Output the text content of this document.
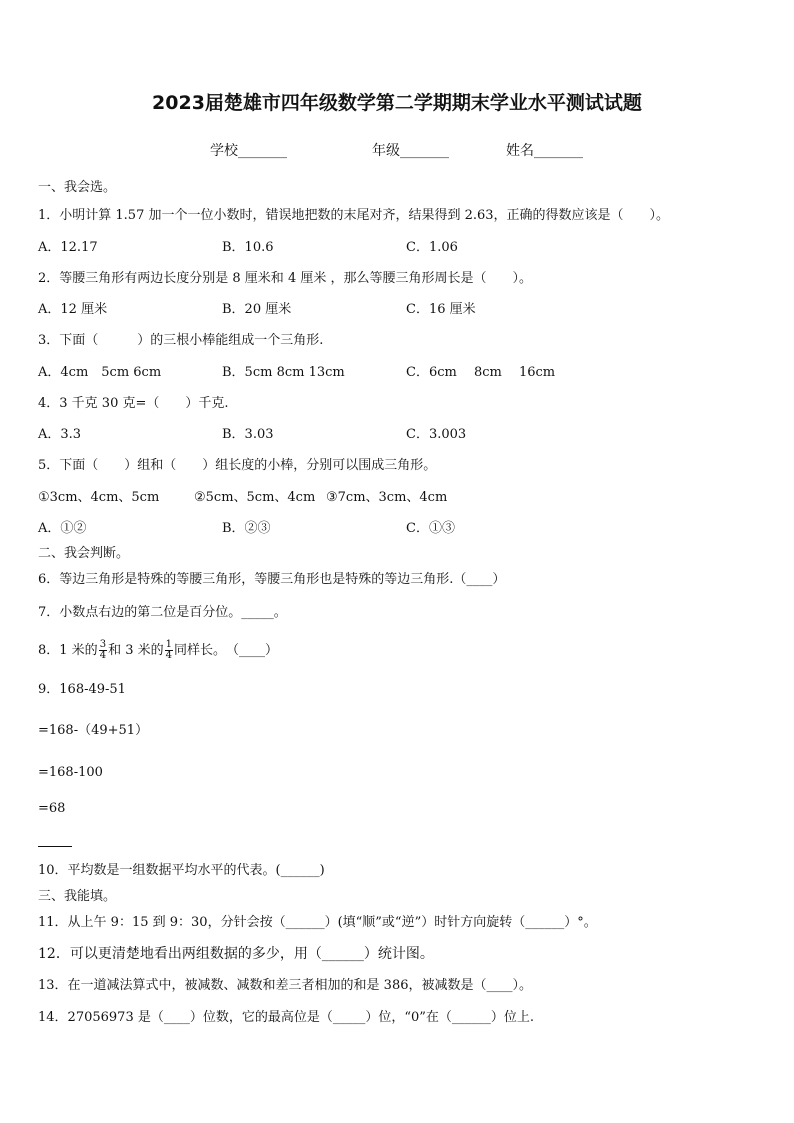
2023届楚雄市四年级数学第二学期期末学业水平测试试题
学校_______	年级_______	姓名_______
一、我会选。
1．小明计算 1.57 加一个一位小数时，错误地把数的末尾对齐，结果得到 2.63，正确的得数应该是（　　）。
A．12.17	B．10.6	C．1.06
2．等腰三角形有两边长度分别是 8 厘米和 4 厘米 ，那么等腰三角形周长是（　　）。
A．12 厘米	B．20 厘米	C．16 厘米
3．下面（　　　）的三根小棒能组成一个三角形.
A．4cm　5cm 6cm	B．5cm 8cm 13cm	C．6cm　 8cm　 16cm
4．3 千克 30 克=（　　）千克.
A．3.3	B．3.03	C．3.003
5．下面（　　）组和（　　）组长度的小棒，分别可以围成三角形。
①3cm、4cm、5cm	②5cm、5cm、4cm ③7cm、3cm、4cm
A．①②	B．②③	C．①③
二、我会判断。
6．等边三角形是特殊的等腰三角形，等腰三角形也是特殊的等边三角形.（____）
7．小数点右边的第二位是百分位。_____。
8．1 米的 $\frac{3}{4}$ 和 3 米的 $\frac{1}{4}$ 同样长。　（____）
9．168-49-51
=168-（49+51）
=168-100
=68
10．平均数是一组数据平均水平的代表。(______)
三、我能填。
11．从上午 9：15 到 9：30，分针会按（______）(填“顺”或“逆”）时针方向旋转（______）°。
12．可以更清楚地看出两组数据的多少，用（______）统计图。
13．在一道减法算式中，被减数、减数和差三者相加的和是 386，被减数是（____）。
14．27056973 是（____）位数，它的最高位是（_____）位，“0”在（______）位上.
